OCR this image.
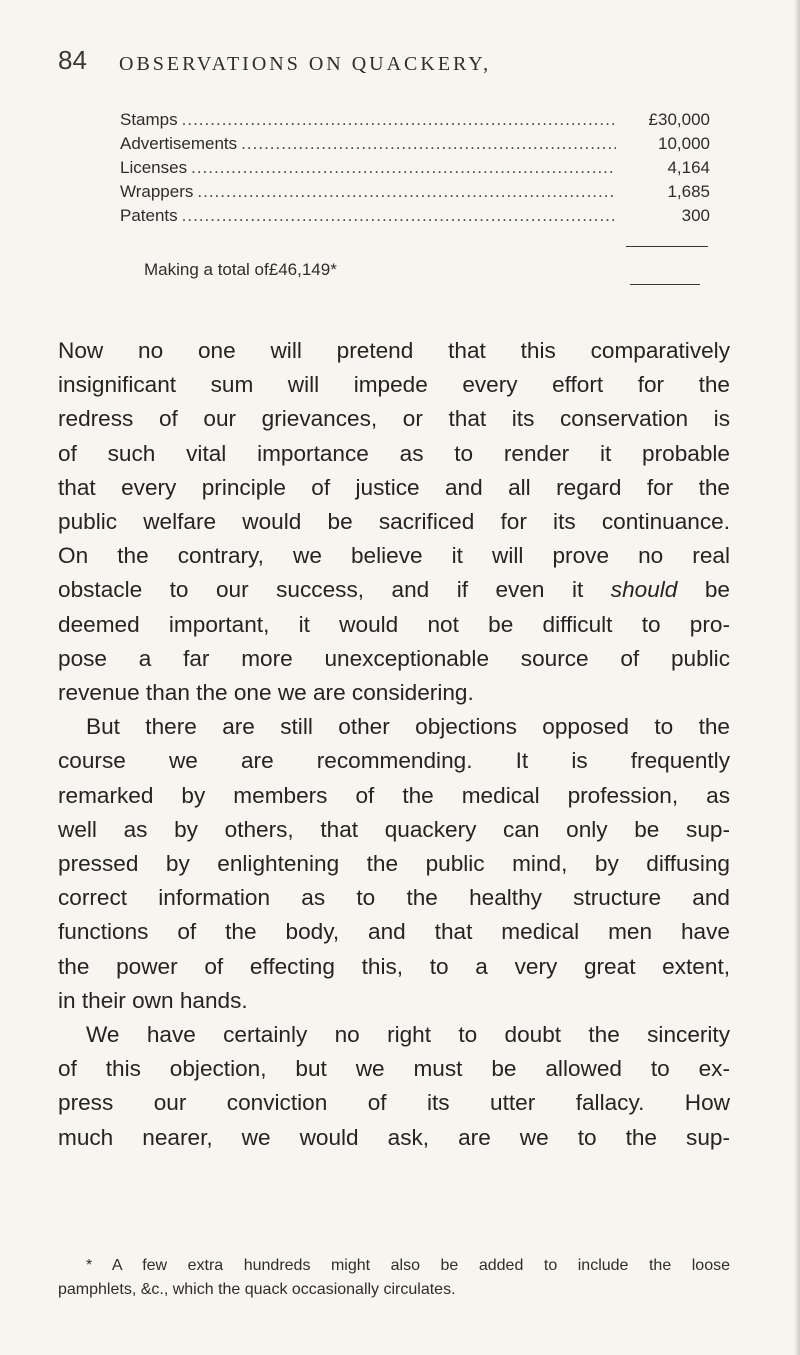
84 OBSERVATIONS ON QUACKERY,
Stamps .....	£30,000
Advertisements .....	10,000
Licenses .....	4,164
Wrappers .....	1,685
Patents .....	300
Making a total of £46,149*

Now no one will pretend that this comparatively

insignificant sum will impede every effort for the

redress of our grievances, or that its conservation is

of such vital importance as to render it probable

that every principle of justice and all regard for the

public welfare would be sacrificed for its continuance.

On the contrary, we believe it will prove no real

obstacle to our success, and if even it should be

deemed important, it would not be difficult to pro-

pose a far more unexceptionable source of public

revenue than the one we are considering.

But there are still other objections opposed to the

course we are recommending. It is frequently

remarked by members of the medical profession, as

well as by others, that quackery can only be sup-

pressed by enlightening the public mind, by diffusing

correct information as to the healthy structure and

functions of the body, and that medical men have

the power of effecting this, to a very great extent,

in their own hands.

We have certainly no right to doubt the sincerity

of this objection, but we must be allowed to ex-

press our conviction of its utter fallacy. How

much nearer, we would ask, are we to the sup-

* A few extra hundreds might also be added to include the loose

pamphlets, &c., which the quack occasionally circulates.
